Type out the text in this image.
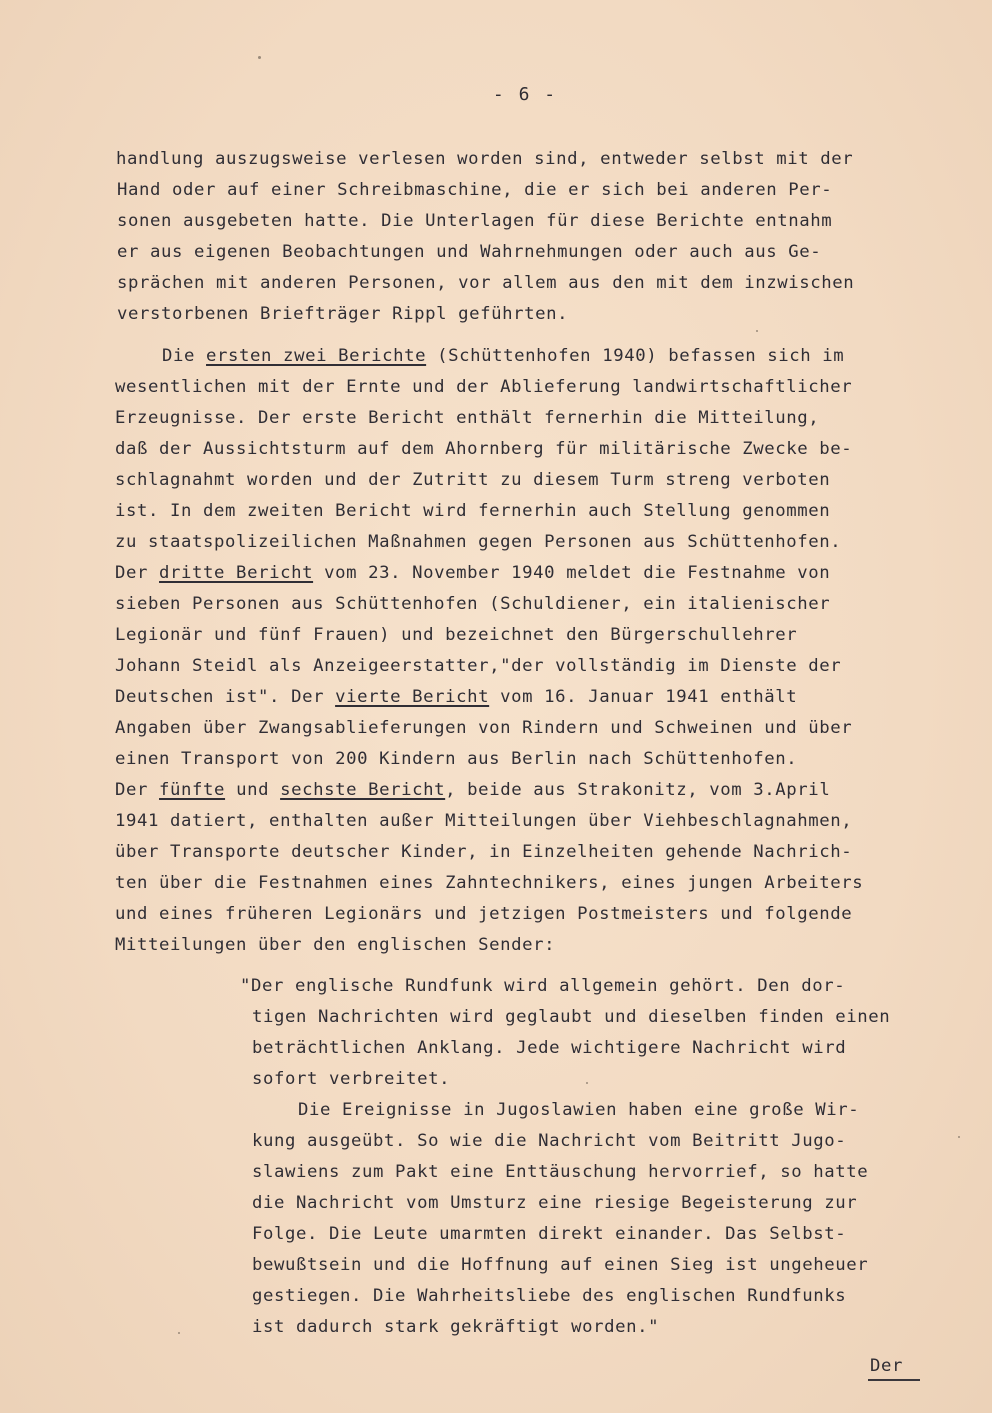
- 6 -
handlung auszugsweise verlesen worden sind, entweder selbst mit der
Hand oder auf einer Schreibmaschine, die er sich bei anderen Per-
sonen ausgebeten hatte. Die Unterlagen für diese Berichte entnahm
er aus eigenen Beobachtungen und Wahrnehmungen oder auch aus Ge-
sprächen mit anderen Personen, vor allem aus den mit dem inzwischen
verstorbenen Briefträger Rippl geführten.
Die ersten zwei Berichte (Schüttenhofen 1940) befassen sich im
wesentlichen mit der Ernte und der Ablieferung landwirtschaftlicher
Erzeugnisse. Der erste Bericht enthält fernerhin die Mitteilung,
daß der Aussichtsturm auf dem Ahornberg für militärische Zwecke be-
schlagnahmt worden und der Zutritt zu diesem Turm streng verboten
ist. In dem zweiten Bericht wird fernerhin auch Stellung genommen
zu staatspolizeilichen Maßnahmen gegen Personen aus Schüttenhofen.
Der dritte Bericht vom 23. November 1940 meldet die Festnahme von
sieben Personen aus Schüttenhofen (Schuldiener, ein italienischer
Legionär und fünf Frauen) und bezeichnet den Bürgerschullehrer
Johann Steidl als Anzeigeerstatter,"der vollständig im Dienste der
Deutschen ist". Der vierte Bericht vom 16. Januar 1941 enthält
Angaben über Zwangsablieferungen von Rindern und Schweinen und über
einen Transport von 200 Kindern aus Berlin nach Schüttenhofen.
Der fünfte und sechste Bericht, beide aus Strakonitz, vom 3.April
1941 datiert, enthalten außer Mitteilungen über Viehbeschlagnahmen,
über Transporte deutscher Kinder, in Einzelheiten gehende Nachrich-
ten über die Festnahmen eines Zahntechnikers, eines jungen Arbeiters
und eines früheren Legionärs und jetzigen Postmeisters und folgende
Mitteilungen über den englischen Sender:
"Der englische Rundfunk wird allgemein gehört. Den dor-
tigen Nachrichten wird geglaubt und dieselben finden einen
beträchtlichen Anklang. Jede wichtigere Nachricht wird
sofort verbreitet.
Die Ereignisse in Jugoslawien haben eine große Wir-
kung ausgeübt. So wie die Nachricht vom Beitritt Jugo-
slawiens zum Pakt eine Enttäuschung hervorrief, so hatte
die Nachricht vom Umsturz eine riesige Begeisterung zur
Folge. Die Leute umarmten direkt einander. Das Selbst-
bewußtsein und die Hoffnung auf einen Sieg ist ungeheuer
gestiegen. Die Wahrheitsliebe des englischen Rundfunks
ist dadurch stark gekräftigt worden."
Der
